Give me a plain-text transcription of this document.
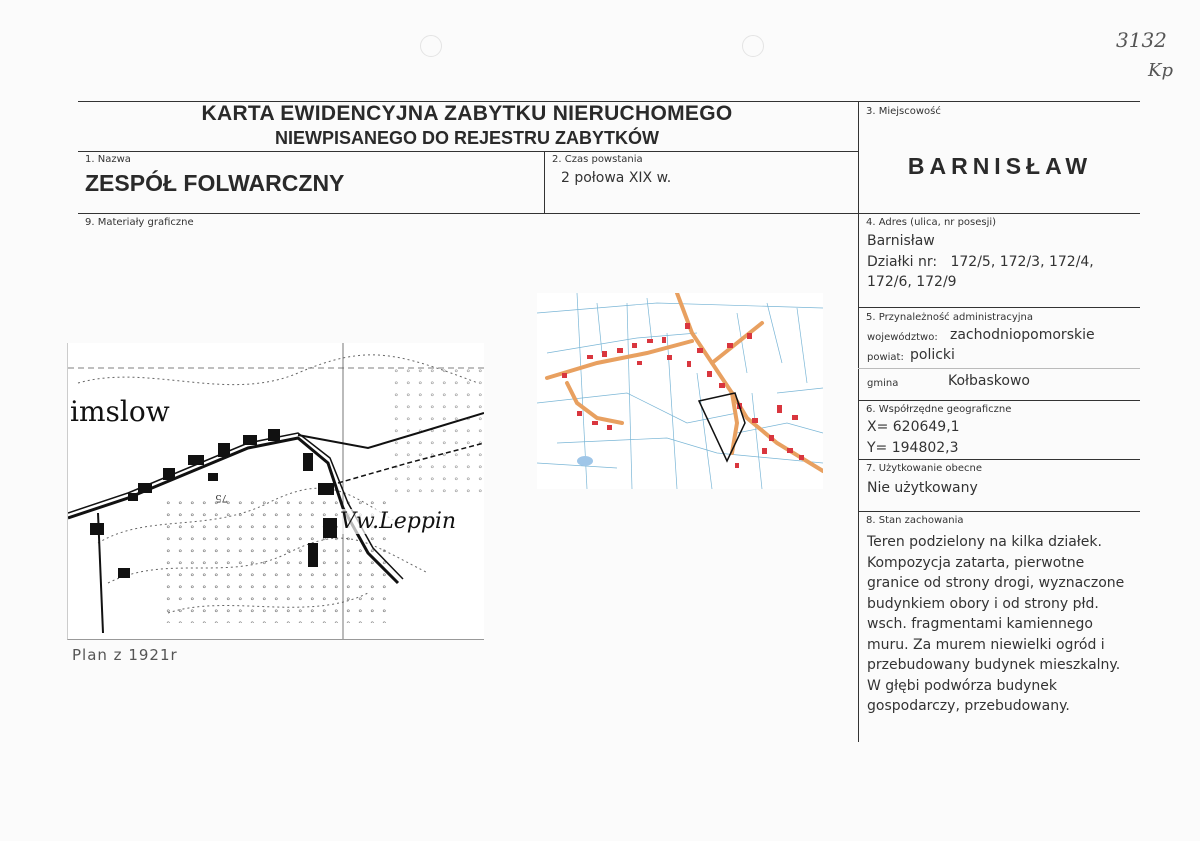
3132
Kp
KARTA EWIDENCYJNA ZABYTKU NIERUCHOMEGO
NIEWPISANEGO DO REJESTRU ZABYTKÓW
1. Nazwa
ZESPÓŁ FOLWARCZNY
2. Czas powstania
2 połowa XIX w.
3. Miejscowość
BARNISŁAW
4. Adres (ulica, nr posesji)
Barnisław
Działki nr:   172/5, 172/3, 172/4,
172/6, 172/9
5. Przynależność administracyjna
województwo: zachodniopomorskie
powiat: policki
gmina	Kołbaskowo
6. Współrzędne geograficzne
X= 620649,1
Y= 194802,3
7. Użytkowanie obecne
Nie użytkowany
8. Stan zachowania
Teren podzielony na kilka działek. Kompozycja zatarta, pierwotne granice od strony drogi, wyznaczone budynkiem obory i od strony płd. wsch. fragmentami kamiennego muru. Za murem niewielki ogród i przebudowany budynek mieszkalny. W głębi podwórza budynek gospodarczy, przebudowany.
9. Materiały graficzne
75
imslow
Vw.Leppin
Plan z 1921r
